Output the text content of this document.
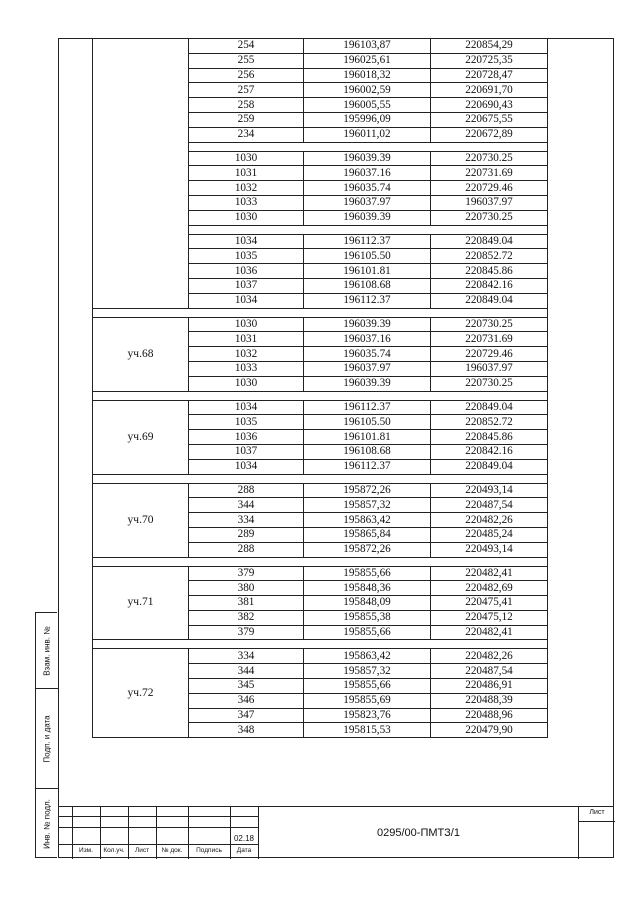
Взам. инв. №
Подп. и дата
Инв. № подл.
	254	196103,87	220854,29
	255	196025,61	220725,35
	256	196018,32	220728,47
	257	196002,59	220691,70
	258	196005,55	220690,43
	259	195996,09	220675,55
	234	196011,02	220672,89

	1030	196039.39	220730.25
	1031	196037.16	220731.69
	1032	196035.74	220729.46
	1033	196037.97	196037.97
	1030	196039.39	220730.25

	1034	196112.37	220849.04
	1035	196105.50	220852.72
	1036	196101.81	220845.86
	1037	196108.68	220842.16
	1034	196112.37	220849.04

уч.68	1030	196039.39	220730.25
	1031	196037.16	220731.69
	1032	196035.74	220729.46
	1033	196037.97	196037.97
	1030	196039.39	220730.25

уч.69	1034	196112.37	220849.04
	1035	196105.50	220852.72
	1036	196101.81	220845.86
	1037	196108.68	220842.16
	1034	196112.37	220849.04

уч.70	288	195872,26	220493,14
	344	195857,32	220487,54
	334	195863,42	220482,26
	289	195865,84	220485,24
	288	195872,26	220493,14

уч.71	379	195855,66	220482,41
	380	195848,36	220482,69
	381	195848,09	220475,41
	382	195855,38	220475,12
	379	195855,66	220482,41

уч.72	334	195863,42	220482,26
	344	195857,32	220487,54
	345	195855,66	220486,91
	346	195855,69	220488,39
	347	195823,76	220488,96
	348	195815,53	220479,90
Изм.	Кол.уч.	Лист	№ док.	Подпись	Дата
02.18	0295/00-ПМТЗ/1
Лист
